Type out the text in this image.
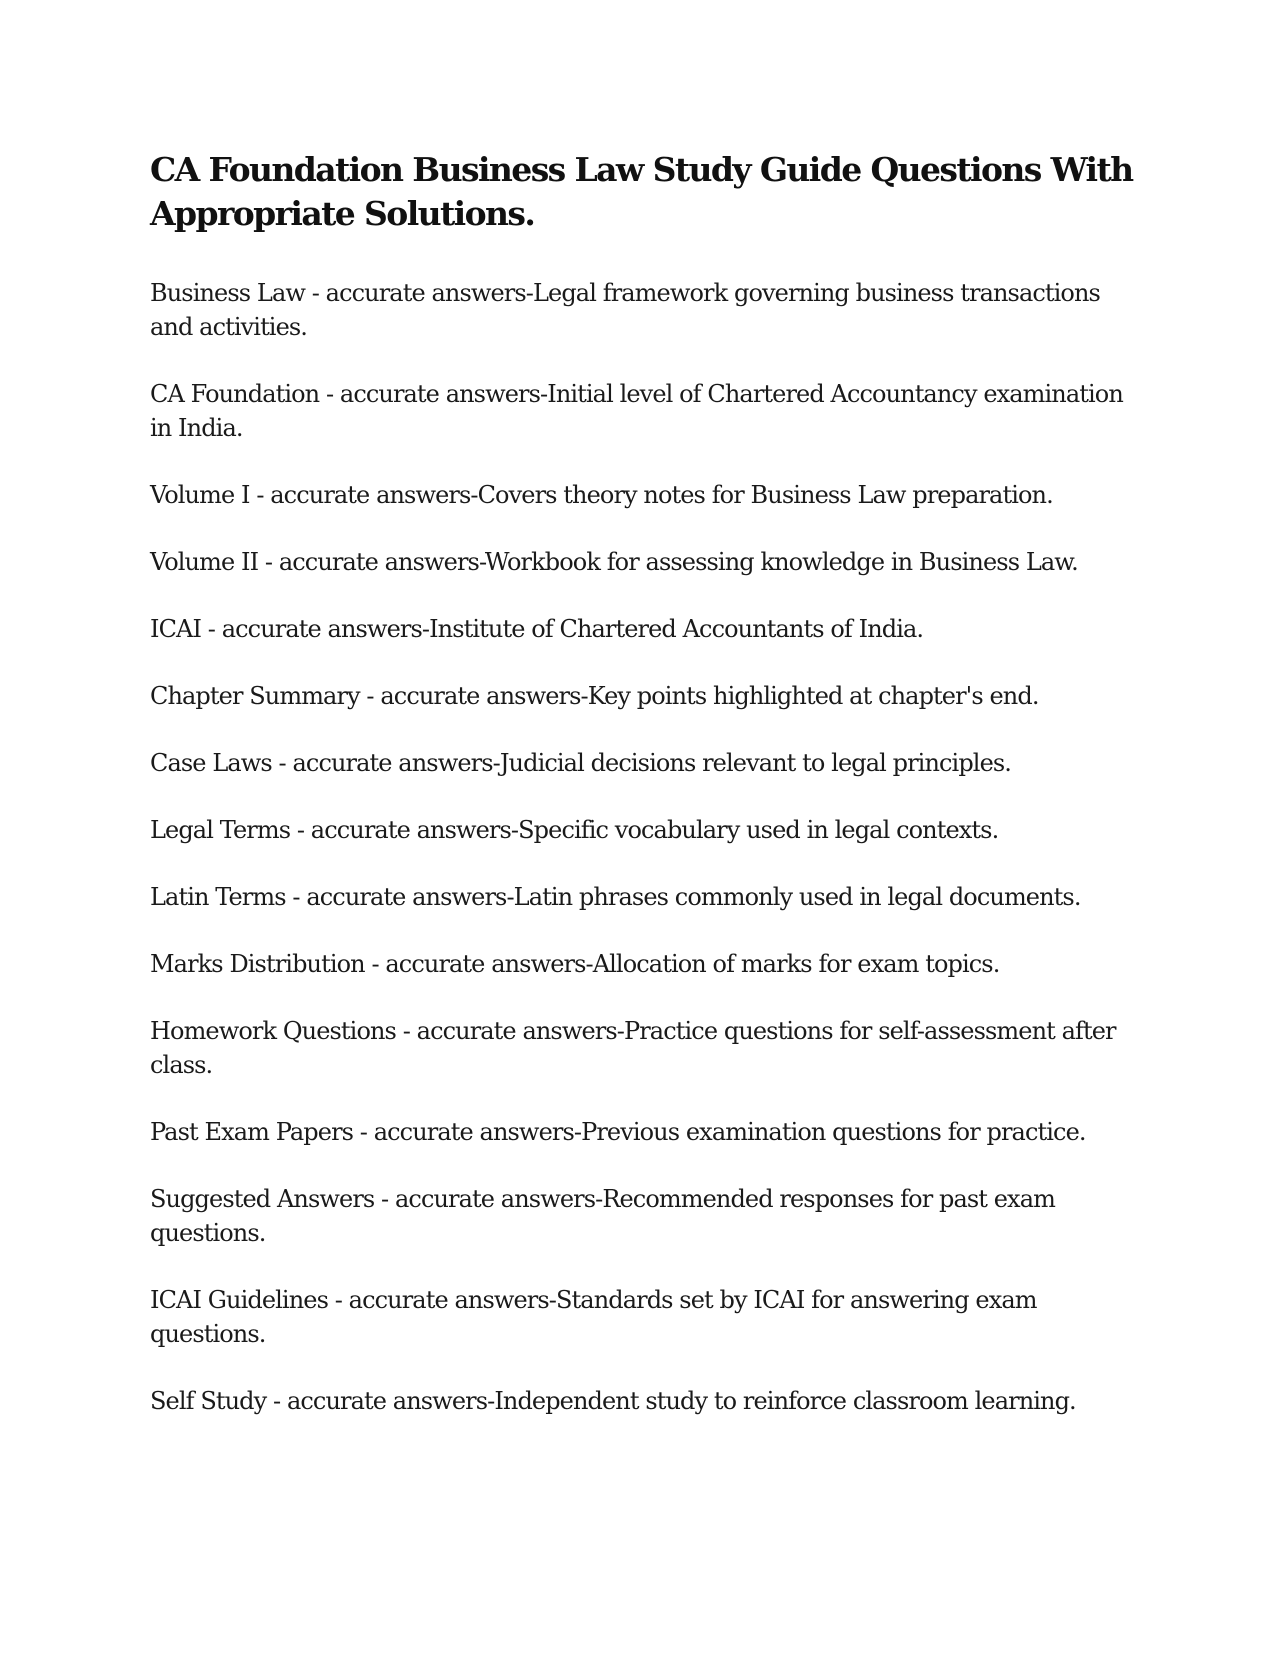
CA Foundation Business Law Study Guide Questions With Appropriate Solutions.
Business Law - accurate answers-Legal framework governing business transactions and activities.
CA Foundation - accurate answers-Initial level of Chartered Accountancy examination in India.
Volume I - accurate answers-Covers theory notes for Business Law preparation.
Volume II - accurate answers-Workbook for assessing knowledge in Business Law.
ICAI - accurate answers-Institute of Chartered Accountants of India.
Chapter Summary - accurate answers-Key points highlighted at chapter's end.
Case Laws - accurate answers-Judicial decisions relevant to legal principles.
Legal Terms - accurate answers-Specific vocabulary used in legal contexts.
Latin Terms - accurate answers-Latin phrases commonly used in legal documents.
Marks Distribution - accurate answers-Allocation of marks for exam topics.
Homework Questions - accurate answers-Practice questions for self-assessment after class.
Past Exam Papers - accurate answers-Previous examination questions for practice.
Suggested Answers - accurate answers-Recommended responses for past exam questions.
ICAI Guidelines - accurate answers-Standards set by ICAI for answering exam questions.
Self Study - accurate answers-Independent study to reinforce classroom learning.
